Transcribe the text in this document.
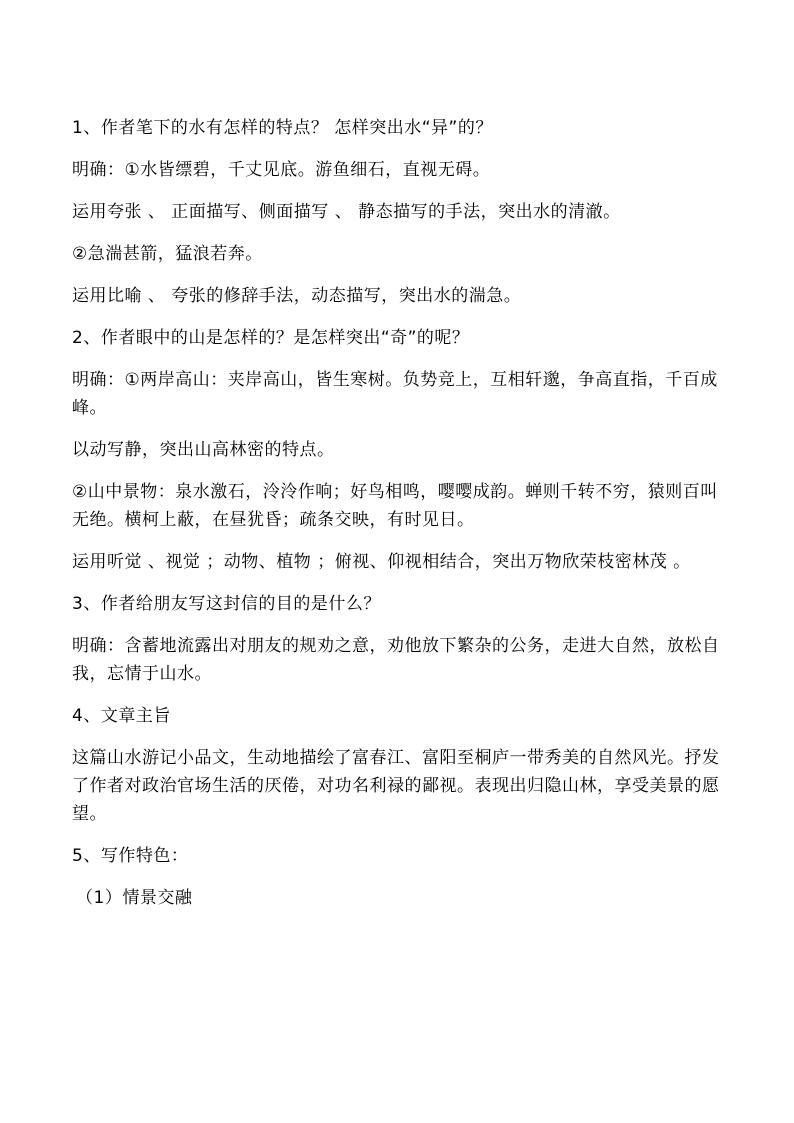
1、作者笔下的水有怎样的特点？ 怎样突出水“异”的？

明确：①水皆缥碧，千丈见底。游鱼细石，直视无碍。

运用夸张 、 正面描写、侧面描写 、 静态描写的手法，突出水的清澈。

②急湍甚箭，猛浪若奔。

运用比喻 、 夸张的修辞手法，动态描写，突出水的湍急。

2、作者眼中的山是怎样的？是怎样突出“奇”的呢？

明确：①两岸高山：夹岸高山，皆生寒树。负势竞上，互相轩邈，争高直指，千百成峰。

以动写静，突出山高林密的特点。

②山中景物：泉水激石，泠泠作响；好鸟相鸣，嘤嘤成韵。蝉则千转不穷，猿则百叫无绝。横柯上蔽，在昼犹昏；疏条交映，有时见日。

运用听觉 、视觉 ；动物、植物 ；俯视、仰视相结合，突出万物欣荣枝密林茂 。

3、作者给朋友写这封信的目的是什么？

明确：含蓄地流露出对朋友的规劝之意，劝他放下繁杂的公务，走进大自然，放松自我，忘情于山水。

4、文章主旨

这篇山水游记小品文，生动地描绘了富春江、富阳至桐庐一带秀美的自然风光。抒发了作者对政治官场生活的厌倦，对功名利禄的鄙视。表现出归隐山林，享受美景的愿望。

5、写作特色：

（1）情景交融
